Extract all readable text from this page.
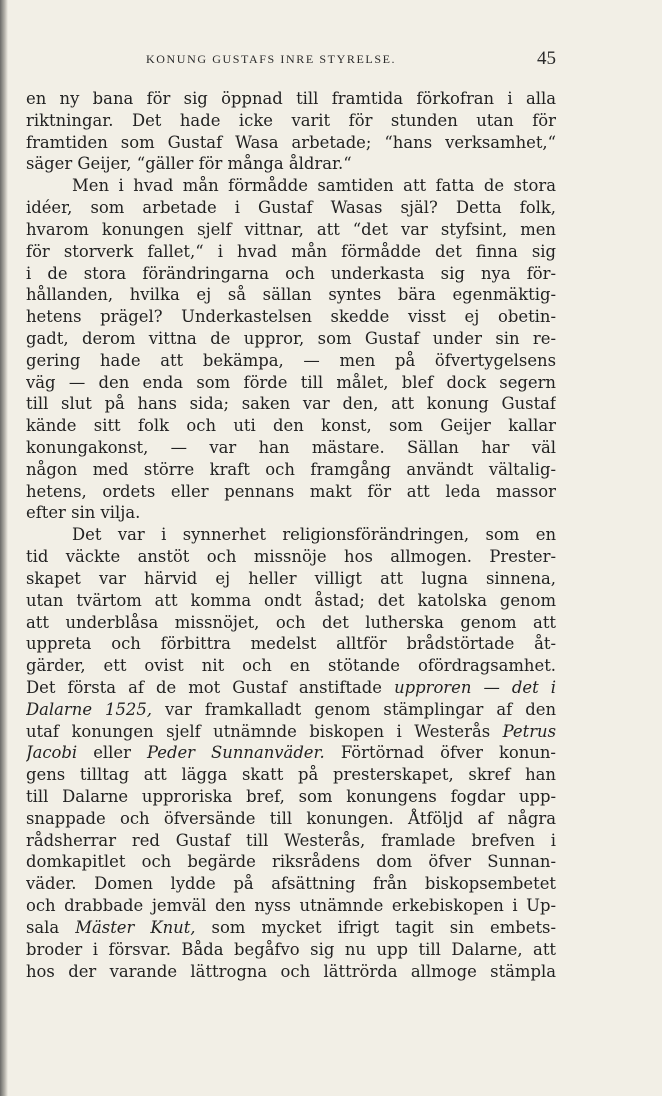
KONUNG GUSTAFS INRE STYRELSE.	45
en ny bana för sig öppnad till framtida förkofran i alla
riktningar. Det hade icke varit för stunden utan för
framtiden som Gustaf Wasa arbetade; “hans verksamhet,“
säger Geijer, “gäller för många åldrar.“
Men i hvad mån förmådde samtiden att fatta de stora
idéer, som arbetade i Gustaf Wasas själ? Detta folk,
hvarom konungen sjelf vittnar, att “det var styfsint, men
för storverk fallet,“ i hvad mån förmådde det finna sig
i de stora förändringarna och underkasta sig nya för-
hållanden, hvilka ej så sällan syntes bära egenmäktig-
hetens prägel? Underkastelsen skedde visst ej obetin-
gadt, derom vittna de uppror, som Gustaf under sin re-
gering hade att bekämpa, — men på öfvertygelsens
väg — den enda som förde till målet, blef dock segern
till slut på hans sida; saken var den, att konung Gustaf
kände sitt folk och uti den konst, som Geijer kallar
konungakonst, — var han mästare. Sällan har väl
någon med större kraft och framgång användt vältalig-
hetens, ordets eller pennans makt för att leda massor
efter sin vilja.
Det var i synnerhet religionsförändringen, som en
tid väckte anstöt och missnöje hos allmogen. Prester-
skapet var härvid ej heller villigt att lugna sinnena,
utan tvärtom att komma ondt åstad; det katolska genom
att underblåsa missnöjet, och det lutherska genom att
uppreta och förbittra medelst alltför brådstörtade åt-
gärder, ett ovist nit och en stötande ofördragsamhet.
Det första af de mot Gustaf anstiftade upproren — det i
Dalarne 1525, var framkalladt genom stämplingar af den
utaf konungen sjelf utnämnde biskopen i Westerås Petrus
Jacobi eller Peder Sunnanväder. Förtörnad öfver konun-
gens tilltag att lägga skatt på presterskapet, skref han
till Dalarne upproriska bref, som konungens fogdar upp-
snappade och öfversände till konungen. Åtföljd af några
rådsherrar red Gustaf till Westerås, framlade brefven i
domkapitlet och begärde riksrådens dom öfver Sunnan-
väder. Domen lydde på afsättning från biskopsembetet
och drabbade jemväl den nyss utnämnde erkebiskopen i Up-
sala Mäster Knut, som mycket ifrigt tagit sin embets-
broder i försvar. Båda begåfvo sig nu upp till Dalarne, att
hos der varande lättrogna och lättrörda allmoge stämpla
